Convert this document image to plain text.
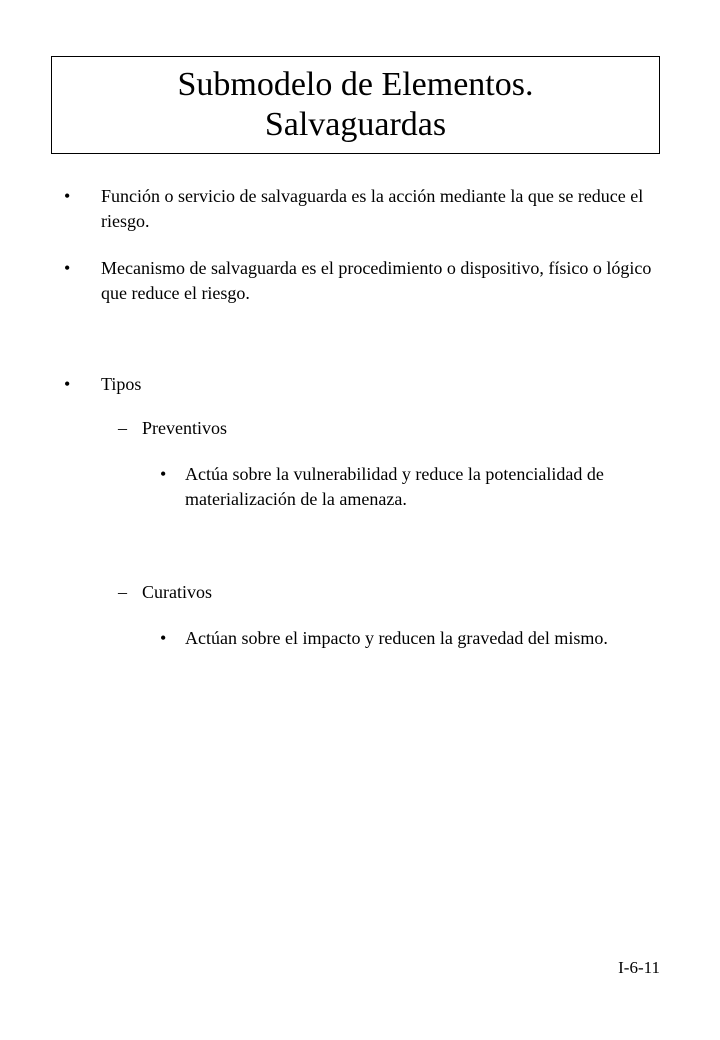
Submodelo de Elementos.
Salvaguardas
• Función o servicio de salvaguarda es la acción mediante la que se reduce el riesgo.
• Mecanismo de salvaguarda es el procedimiento o dispositivo, físico o lógico que reduce el riesgo.
• Tipos
– Preventivos
• Actúa sobre la vulnerabilidad y reduce la potencialidad de materialización de la amenaza.
– Curativos
• Actúan sobre el impacto y reducen la gravedad del mismo.
I-6-11
